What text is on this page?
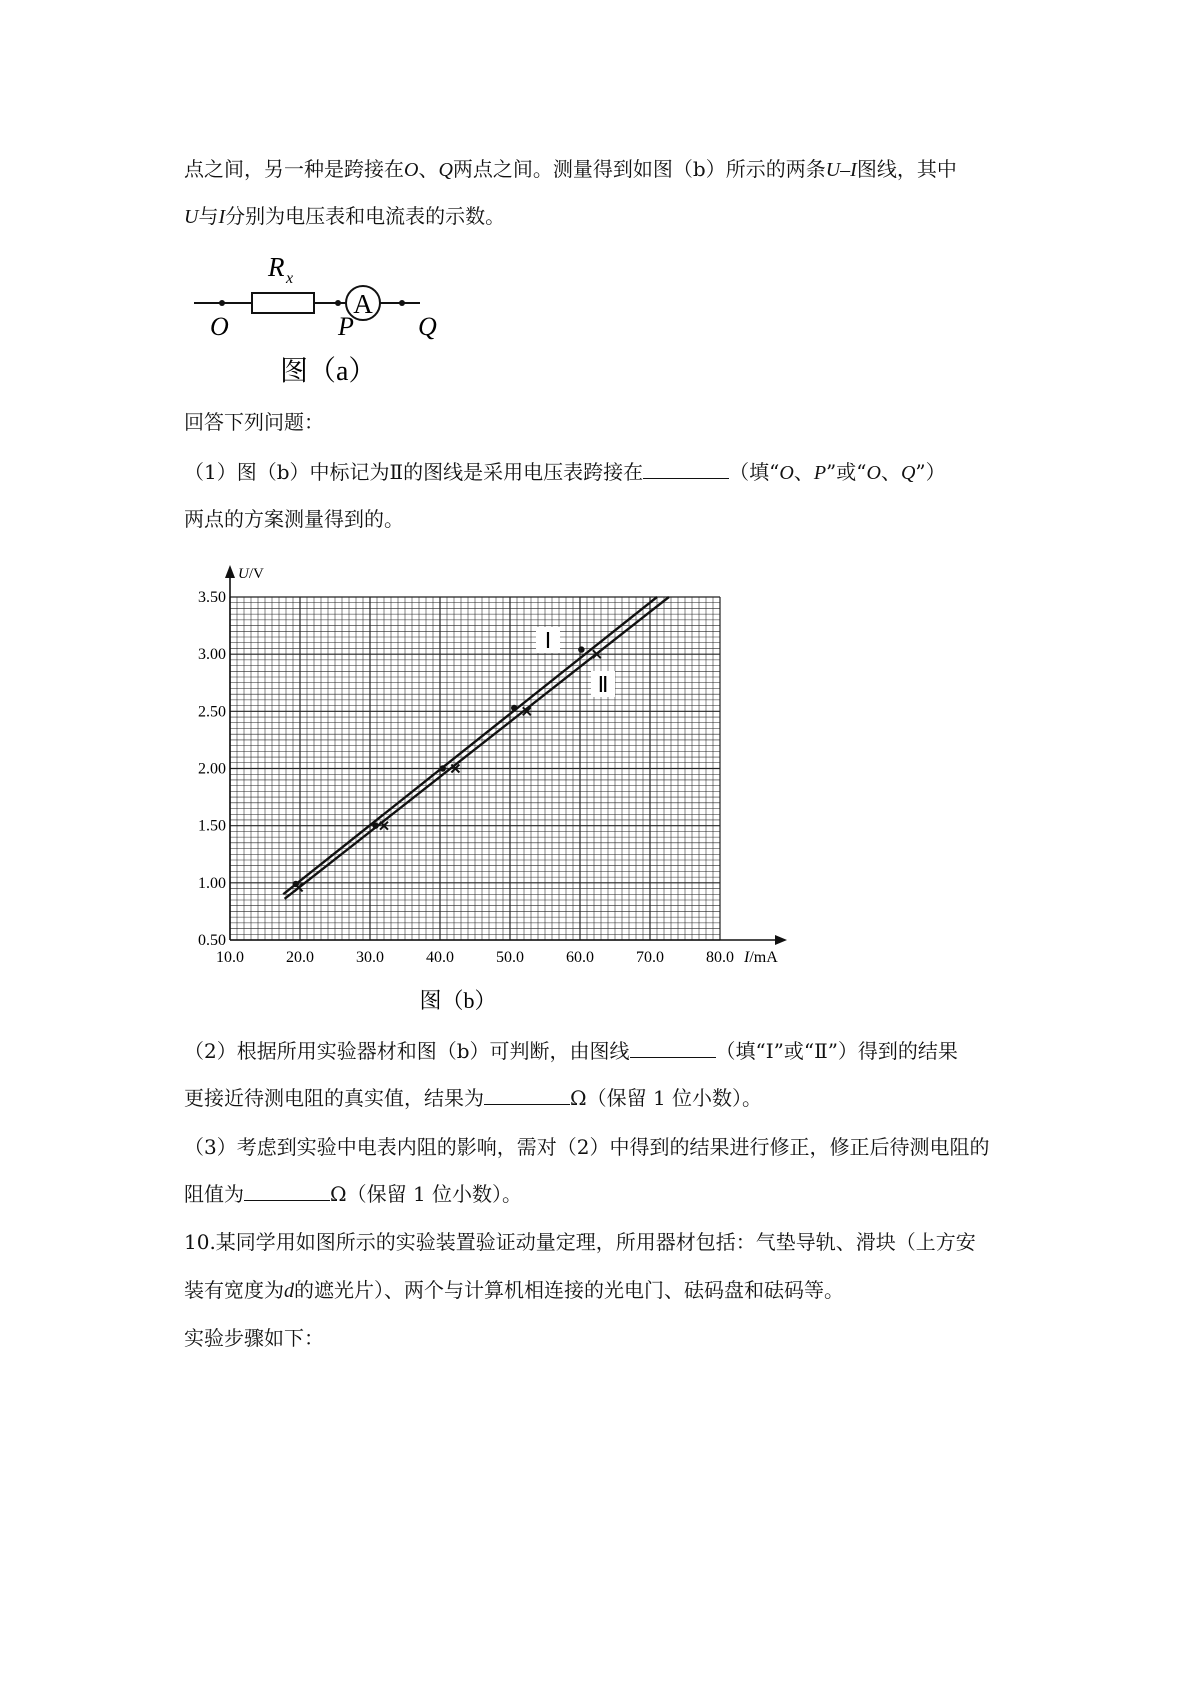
点之间，另一种是跨接在O、Q两点之间。测量得到如图（b）所示的两条U–I图线，其中
U与I分别为电压表和电流表的示数。
A
R x
O	P Q
图（a）
回答下列问题：
（1）图（b）中标记为Ⅱ的图线是采用电压表跨接在	（填“O、P”或“O、Q”）
两点的方案测量得到的。
10.0	20.0	30.0	40.0	50.0	60.0	70.0	80.0
0.50
1.00
1.50
2.00
2.50
3.00
3.50
U/V
I/mA
Ⅰ
Ⅱ
图（b）
（2）根据所用实验器材和图（b）可判断，由图线	（填“Ⅰ”或“Ⅱ”）得到的结果
更接近待测电阻的真实值，结果为	Ω（保留 1 位小数）。
（3）考虑到实验中电表内阻的影响，需对（2）中得到的结果进行修正，修正后待测电阻的
阻值为	Ω（保留 1 位小数）。
10.某同学用如图所示的实验装置验证动量定理，所用器材包括：气垫导轨、滑块（上方安
装有宽度为d的遮光片）、两个与计算机相连接的光电门、砝码盘和砝码等。
实验步骤如下：
